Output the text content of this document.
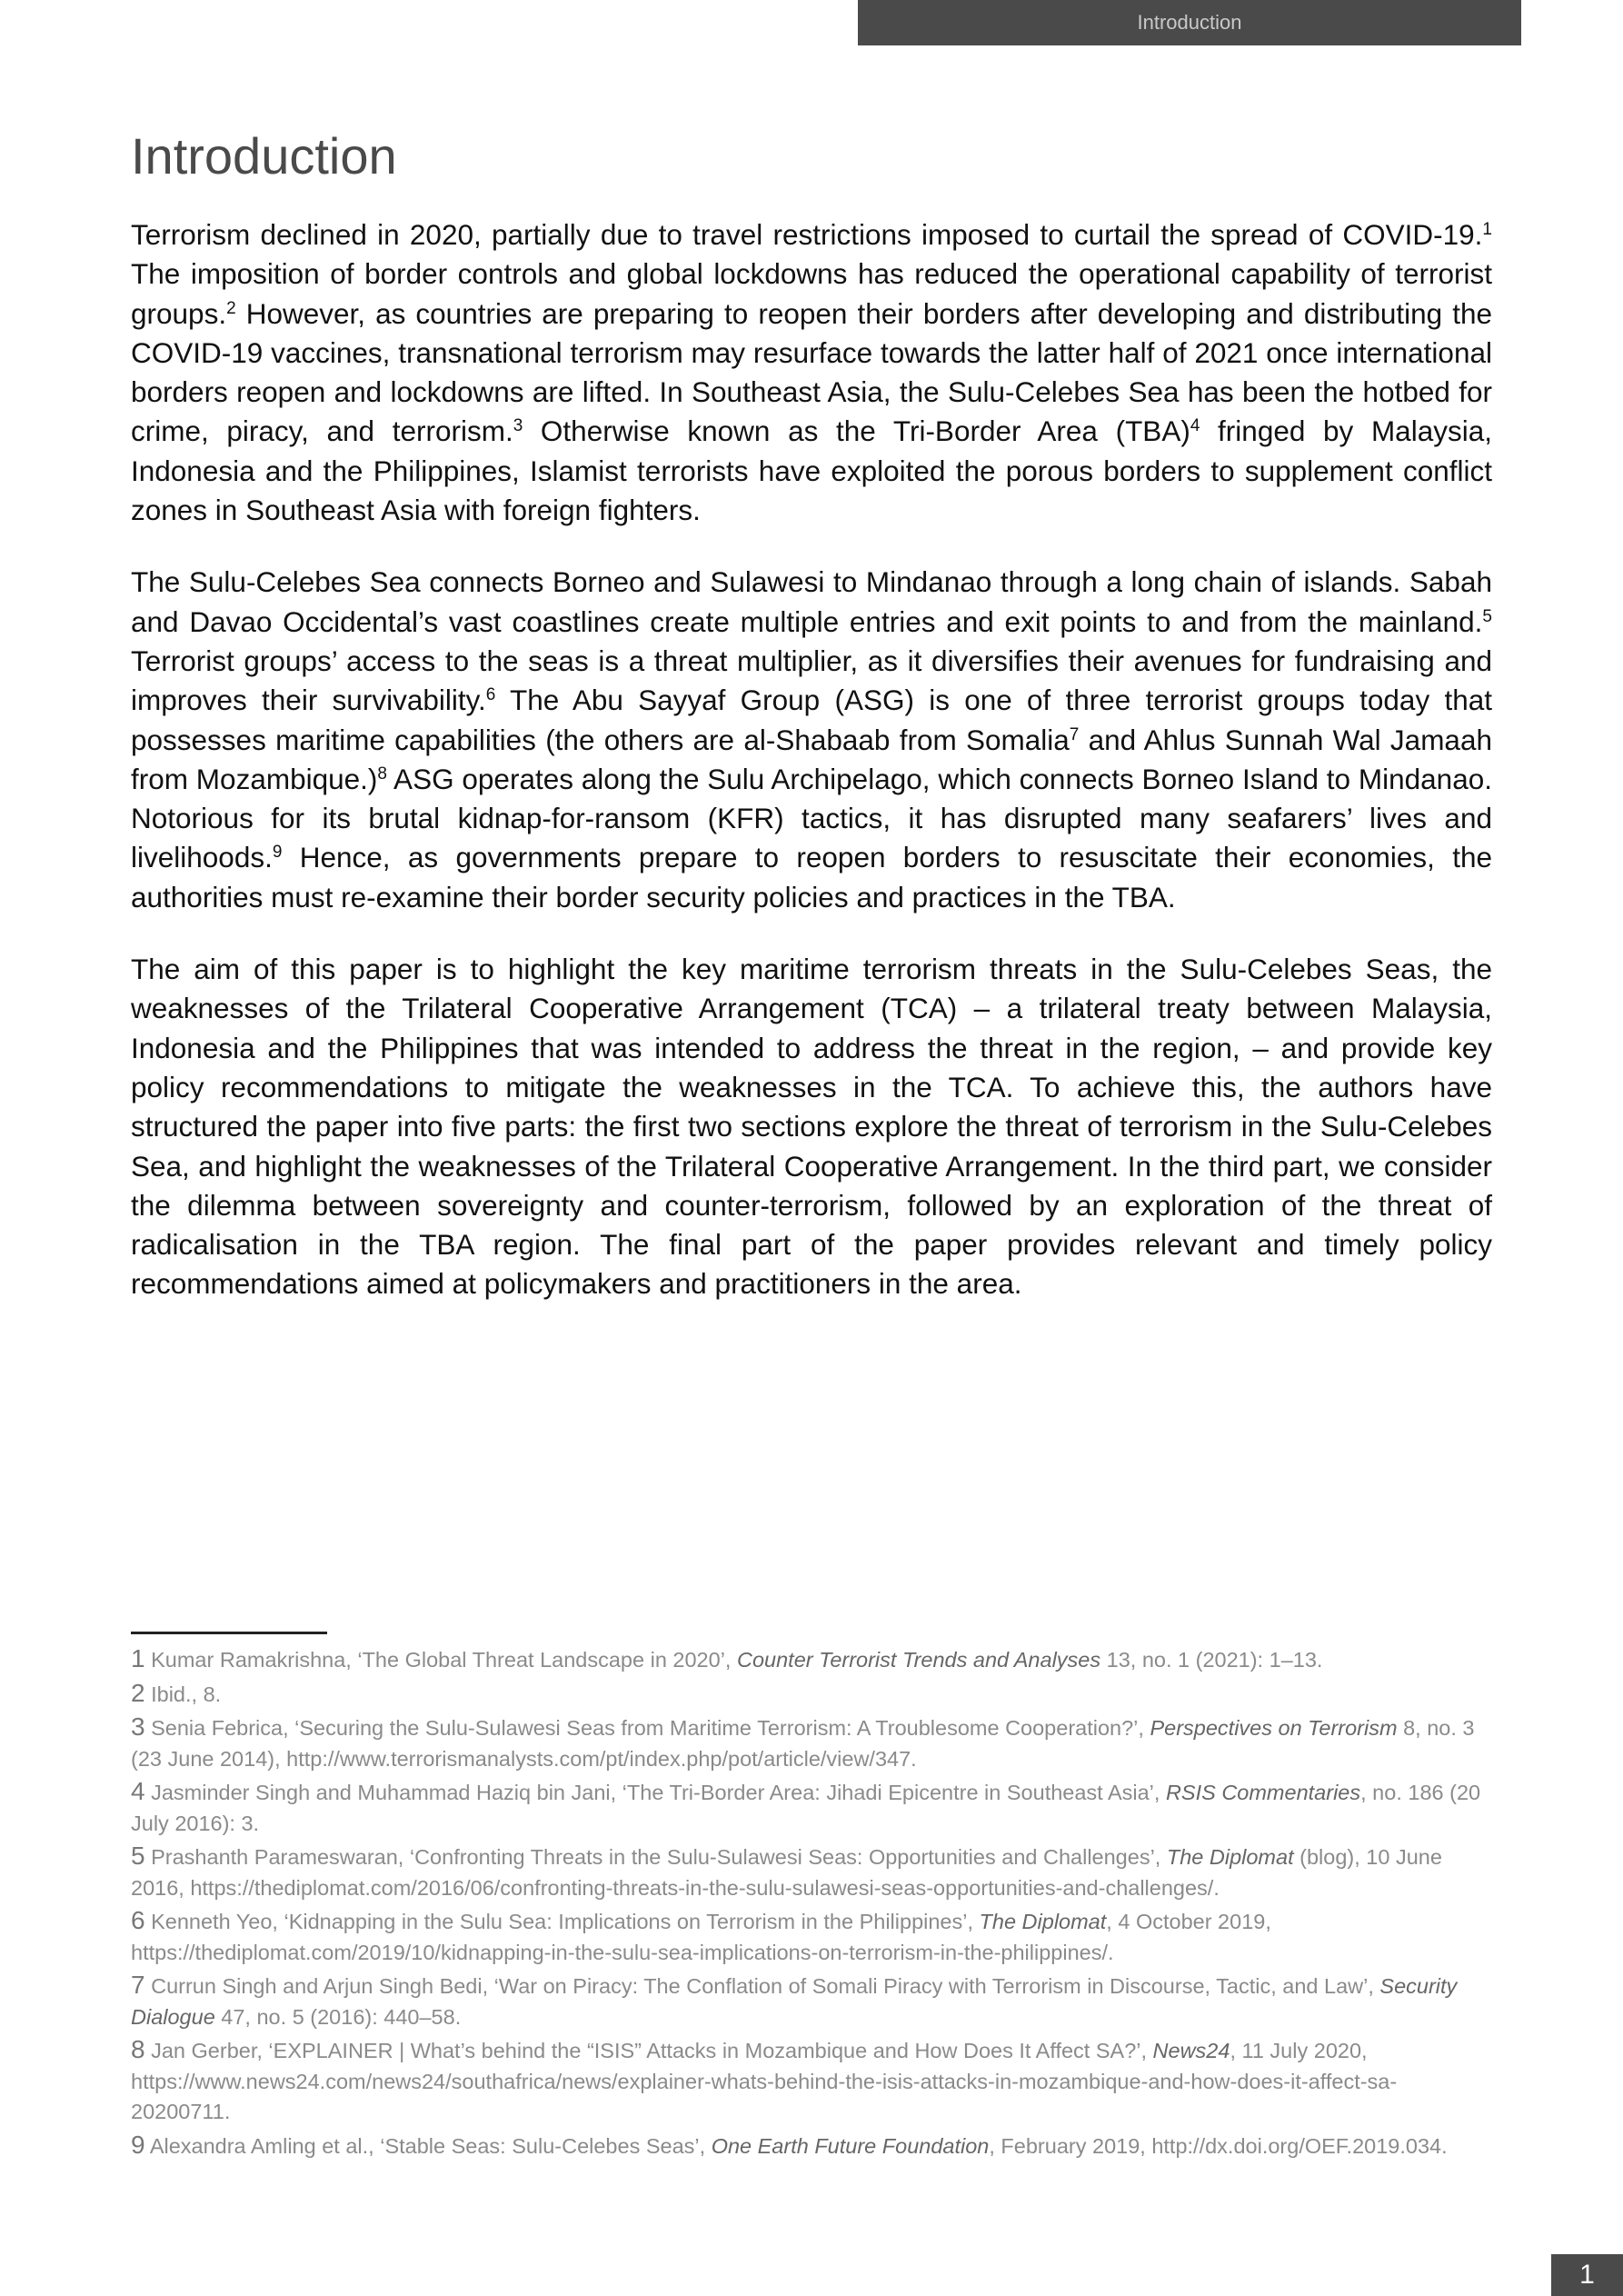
Introduction
Introduction

Terrorism declined in 2020, partially due to travel restrictions imposed to curtail the spread of COVID-19.$^1$ The imposition of border controls and global lockdowns has reduced the operational capability of terrorist groups.$^2$ However, as countries are preparing to reopen their borders after developing and distributing the COVID-19 vaccines, transnational terrorism may resurface towards the latter half of 2021 once international borders reopen and lockdowns are lifted. In Southeast Asia, the Sulu-Celebes Sea has been the hotbed for crime, piracy, and terrorism.$^3$ Otherwise known as the Tri-Border Area (TBA)$^4$ fringed by Malaysia, Indonesia and the Philippines, Islamist terrorists have exploited the porous borders to supplement conflict zones in Southeast Asia with foreign fighters.

The Sulu-Celebes Sea connects Borneo and Sulawesi to Mindanao through a long chain of islands. Sabah and Davao Occidental’s vast coastlines create multiple entries and exit points to and from the mainland.$^5$ Terrorist groups’ access to the seas is a threat multiplier, as it diversifies their avenues for fundraising and improves their survivability.$^6$ The Abu Sayyaf Group (ASG) is one of three terrorist groups today that possesses maritime capabilities (the others are al-Shabaab from Somalia$^7$ and Ahlus Sunnah Wal Jamaah from Mozambique.)$^8$ ASG operates along the Sulu Archipelago, which connects Borneo Island to Mindanao. Notorious for its brutal kidnap-for-ransom (KFR) tactics, it has disrupted many seafarers’ lives and livelihoods.$^9$ Hence, as governments prepare to reopen borders to resuscitate their economies, the authorities must re-examine their border security policies and practices in the TBA.

The aim of this paper is to highlight the key maritime terrorism threats in the Sulu-Celebes Seas, the weaknesses of the Trilateral Cooperative Arrangement (TCA) – a trilateral treaty between Malaysia, Indonesia and the Philippines that was intended to address the threat in the region, – and provide key policy recommendations to mitigate the weaknesses in the TCA. To achieve this, the authors have structured the paper into five parts: the first two sections explore the threat of terrorism in the Sulu-Celebes Sea, and highlight the weaknesses of the Trilateral Cooperative Arrangement. In the third part, we consider the dilemma between sovereignty and counter-terrorism, followed by an exploration of the threat of radicalisation in the TBA region. The final part of the paper provides relevant and timely policy recommendations aimed at policymakers and practitioners in the area.

1 Kumar Ramakrishna, ‘The Global Threat Landscape in 2020’, Counter Terrorist Trends and Analyses 13, no. 1 (2021): 1–13.
2 Ibid., 8.
3 Senia Febrica, ‘Securing the Sulu-Sulawesi Seas from Maritime Terrorism: A Troublesome Cooperation?’, Perspectives on Terrorism 8, no. 3 (23 June 2014), http://www.terrorismanalysts.com/pt/index.php/pot/article/view/347.
4 Jasminder Singh and Muhammad Haziq bin Jani, ‘The Tri-Border Area: Jihadi Epicentre in Southeast Asia’, RSIS Commentaries, no. 186 (20 July 2016): 3.
5 Prashanth Parameswaran, ‘Confronting Threats in the Sulu-Sulawesi Seas: Opportunities and Challenges’, The Diplomat (blog), 10 June 2016, https://thediplomat.com/2016/06/confronting-threats-in-the-sulu-sulawesi-seas-opportunities-and-challenges/.
6 Kenneth Yeo, ‘Kidnapping in the Sulu Sea: Implications on Terrorism in the Philippines’, The Diplomat, 4 October 2019, https://thediplomat.com/2019/10/kidnapping-in-the-sulu-sea-implications-on-terrorism-in-the-philippines/.
7 Currun Singh and Arjun Singh Bedi, ‘War on Piracy: The Conflation of Somali Piracy with Terrorism in Discourse, Tactic, and Law’, Security Dialogue 47, no. 5 (2016): 440–58.
8 Jan Gerber, ‘EXPLAINER | What’s behind the “ISIS” Attacks in Mozambique and How Does It Affect SA?’, News24, 11 July 2020, https://www.news24.com/news24/southafrica/news/explainer-whats-behind-the-isis-attacks-in-mozambique-and-how-does-it-affect-sa-20200711.
9 Alexandra Amling et al., ‘Stable Seas: Sulu-Celebes Seas’, One Earth Future Foundation, February 2019, http://dx.doi.org/OEF.2019.034.
1
